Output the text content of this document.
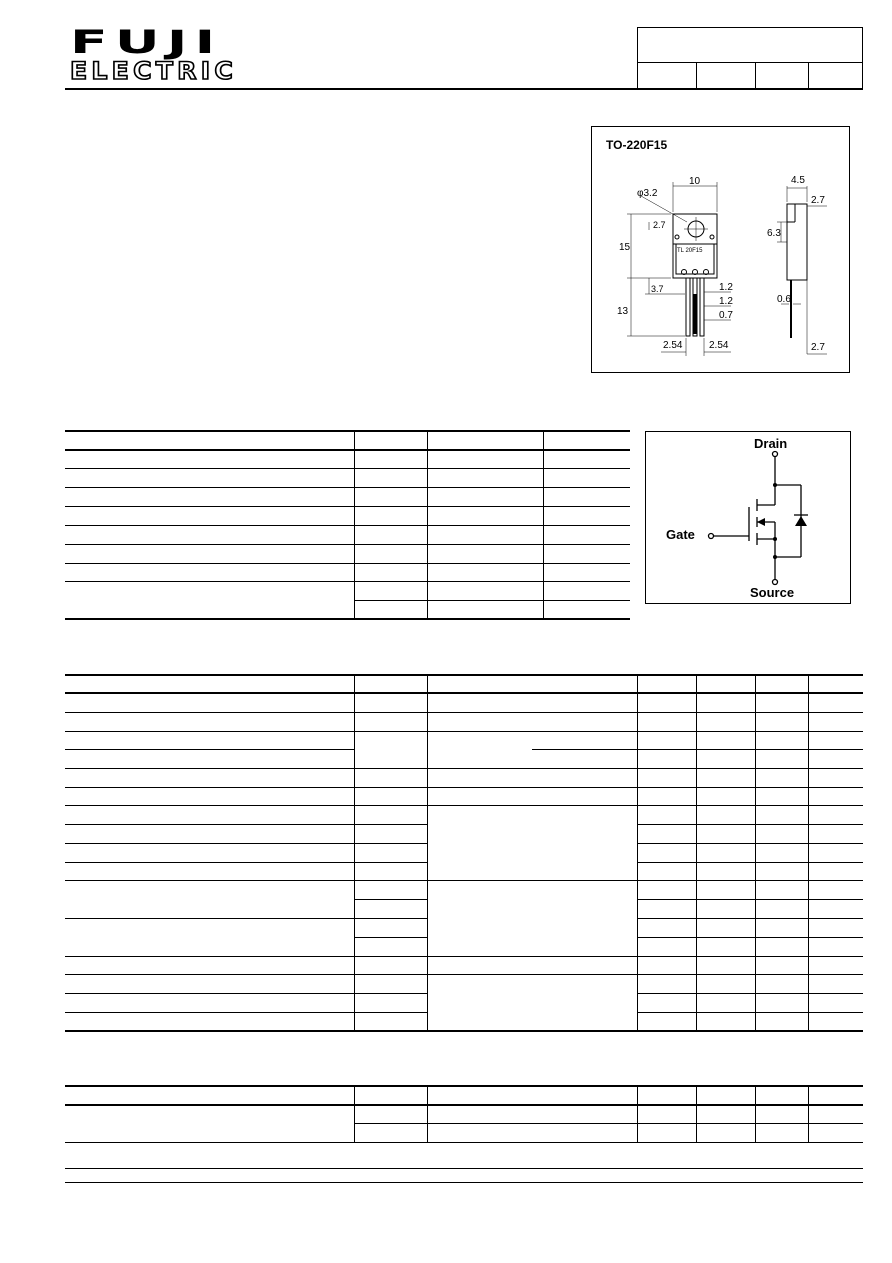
FUJI
ELECTRIC
TO-220F15
10
φ3.2
2.7
15
3.7
13
1.2
1.2
0.7
2.54	2.54
TL 20F15
4.5
2.7
6.3
0.6
2.7
Drain
Gate
Source
